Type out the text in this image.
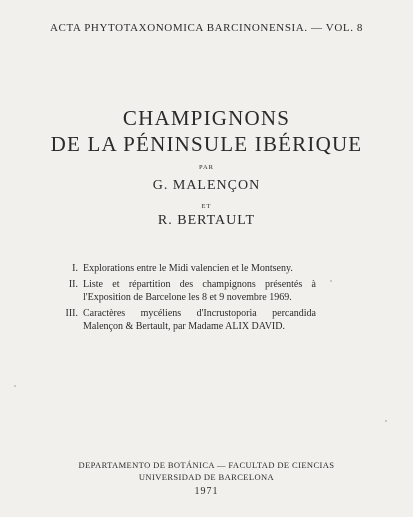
ACTA PHYTOTAXONOMICA BARCINONENSIA. — VOL. 8
CHAMPIGNONS
DE LA PÉNINSULE IBÉRIQUE
PAR
G. MALENÇON
ET
R. BERTAULT
I. Explorations entre le Midi valencien et le Montseny.
II. Liste et répartition des champignons présentés à l'Exposition de Barcelone les 8 et 9 novembre 1969.
III. Caractères mycéliens d'Incrustoporia percandida Malençon & Bertault, par Madame ALIX DAVID.
DEPARTAMENTO DE BOTÁNICA — FACULTAD DE CIENCIAS
UNIVERSIDAD DE BARCELONA
1971
